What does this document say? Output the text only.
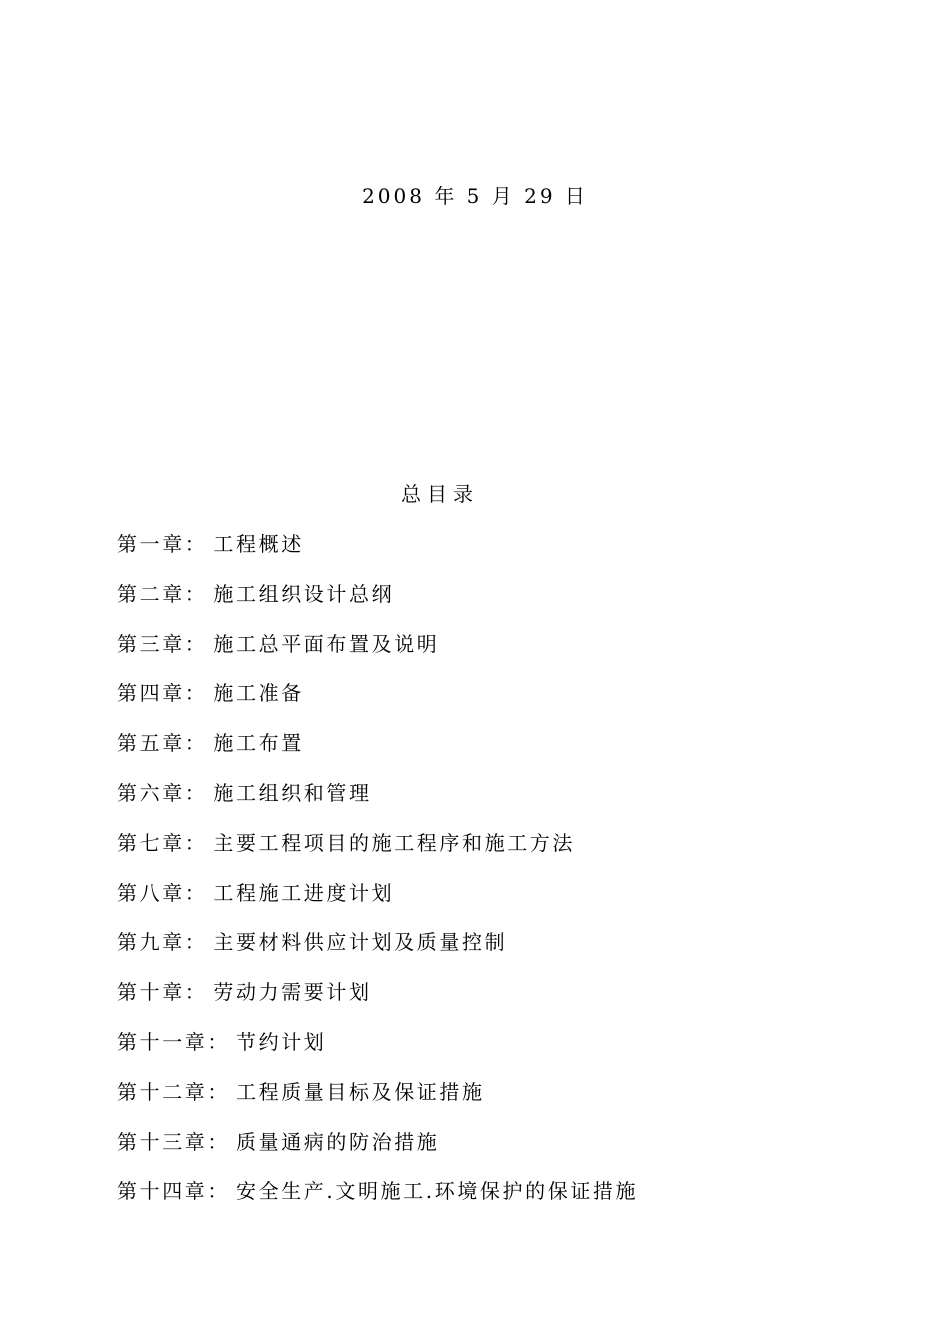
2008 年 5 月 29 日
总目录
第一章： 工程概述
第二章： 施工组织设计总纲
第三章： 施工总平面布置及说明
第四章： 施工准备
第五章： 施工布置
第六章： 施工组织和管理
第七章： 主要工程项目的施工程序和施工方法
第八章： 工程施工进度计划
第九章： 主要材料供应计划及质量控制
第十章： 劳动力需要计划
第十一章： 节约计划
第十二章： 工程质量目标及保证措施
第十三章： 质量通病的防治措施
第十四章： 安全生产.文明施工.环境保护的保证措施
